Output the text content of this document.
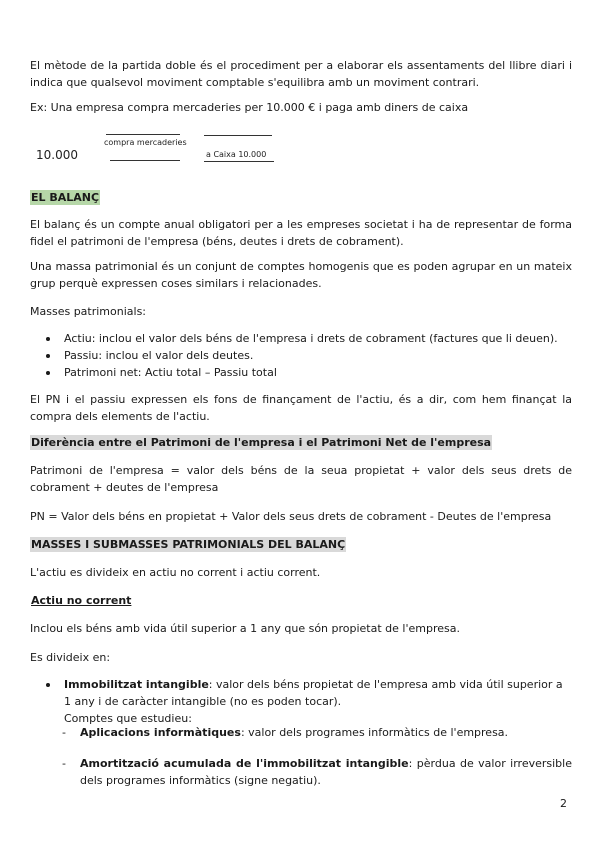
El mètode de la partida doble és el procediment per a elaborar els assentaments del llibre diari i indica que qualsevol moviment comptable s'equilibra amb un moviment contrari.

Ex: Una empresa compra mercaderies per 10.000 € i paga amb diners de caixa

10.000
compra mercaderies
a Caixa 10.000
EL BALANÇ

El balanç és un compte anual obligatori per a les empreses societat i ha de representar de forma fidel el patrimoni de l'empresa (béns, deutes i drets de cobrament).

Una massa patrimonial és un conjunt de comptes homogenis que es poden agrupar en un mateix grup perquè expressen coses similars i relacionades.

Masses patrimonials:

Actiu: inclou el valor dels béns de l'empresa i drets de cobrament (factures que li deuen).
Passiu: inclou el valor dels deutes.
Patrimoni net: Actiu total – Passiu total

El PN i el passiu expressen els fons de finançament de l'actiu, és a dir, com hem finançat la compra dels elements de l'actiu.

Diferència entre el Patrimoni de l'empresa i el Patrimoni Net de l'empresa

Patrimoni de l'empresa = valor dels béns de la seua propietat + valor dels seus drets de cobrament + deutes de l'empresa

PN = Valor dels béns en propietat + Valor dels seus drets de cobrament - Deutes de l'empresa

MASSES I SUBMASSES PATRIMONIALS DEL BALANÇ

L'actiu es divideix en actiu no corrent i actiu corrent.

Actiu no corrent

Inclou els béns amb vida útil superior a 1 any que són propietat de l'empresa.

Es divideix en:

Immobilitzat intangible: valor dels béns propietat de l'empresa amb vida útil superior a 1 any i de caràcter intangible (no es poden tocar).
Comptes que estudieu:
- Aplicacions informàtiques: valor dels programes informàtics de l'empresa.
- Amortització acumulada de l'immobilitzat intangible: pèrdua de valor irreversible dels programes informàtics (signe negatiu).
2
